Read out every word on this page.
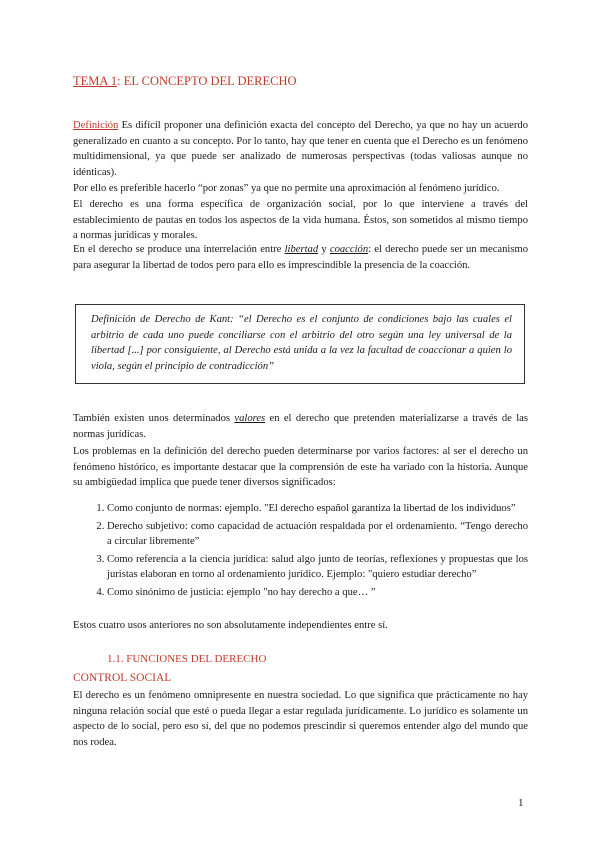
TEMA 1: EL CONCEPTO DEL DERECHO

Definición Es difícil proponer una definición exacta del concepto del Derecho, ya que no hay un acuerdo generalizado en cuanto a su concepto. Por lo tanto, hay que tener en cuenta que el Derecho es un fenómeno multidimensional, ya que puede ser analizado de numerosas perspectivas (todas valiosas aunque no idénticas).

Por ello es preferible hacerlo “por zonas” ya que no permite una aproximación al fenómeno jurídico.

El derecho es una forma específica de organización social, por lo que interviene a través del establecimiento de pautas en todos los aspectos de la vida humana. Éstos, son sometidos al mismo tiempo a normas jurídicas y morales.

En el derecho se produce una interrelación entre libertad y coacción: el derecho puede ser un mecanismo para asegurar la libertad de todos pero para ello es imprescindible la presencia de la coacción.

Definición de Derecho de Kant: “el Derecho es el conjunto de condiciones bajo las cuales el arbitrio de cada uno puede conciliarse con el arbitrio del otro según una ley universal de la libertad [...] por consiguiente, al Derecho está unida a la vez la facultad de coaccionar a quien lo viola, según el principio de contradicción”

También existen unos determinados valores en el derecho que pretenden materializarse a través de las normas jurídicas.

Los problemas en la definición del derecho pueden determinarse por varios factores: al ser el derecho un fenómeno histórico, es importante destacar que la comprensión de este ha variado con la historia. Aunque su ambigüedad implica que puede tener diversos significados:

1. Como conjunto de normas: ejemplo. "El derecho español garantiza la libertad de los individuos”
2. Derecho subjetivo: como capacidad de actuación respaldada por el ordenamiento. “Tengo derecho a circular libremente”
3. Como referencia a la ciencia jurídica: salud algo junto de teorías, reflexiones y propuestas que los juristas elaboran en torno al ordenamiento jurídico. Ejemplo: "quiero estudiar derecho”
4. Como sinónimo de justicia: ejemplo "no hay derecho a que… ”

Estos cuatro usos anteriores no son absolutamente independientes entre sí.

1.1. FUNCIONES DEL DERECHO
CONTROL SOCIAL

El derecho es un fenómeno omnipresente en nuestra sociedad. Lo que significa que prácticamente no hay ninguna relación social que esté o pueda llegar a estar regulada jurídicamente. Lo jurídico es solamente un aspecto de lo social, pero eso sí, del que no podemos prescindir si queremos entender algo del mundo que nos rodea.

1
